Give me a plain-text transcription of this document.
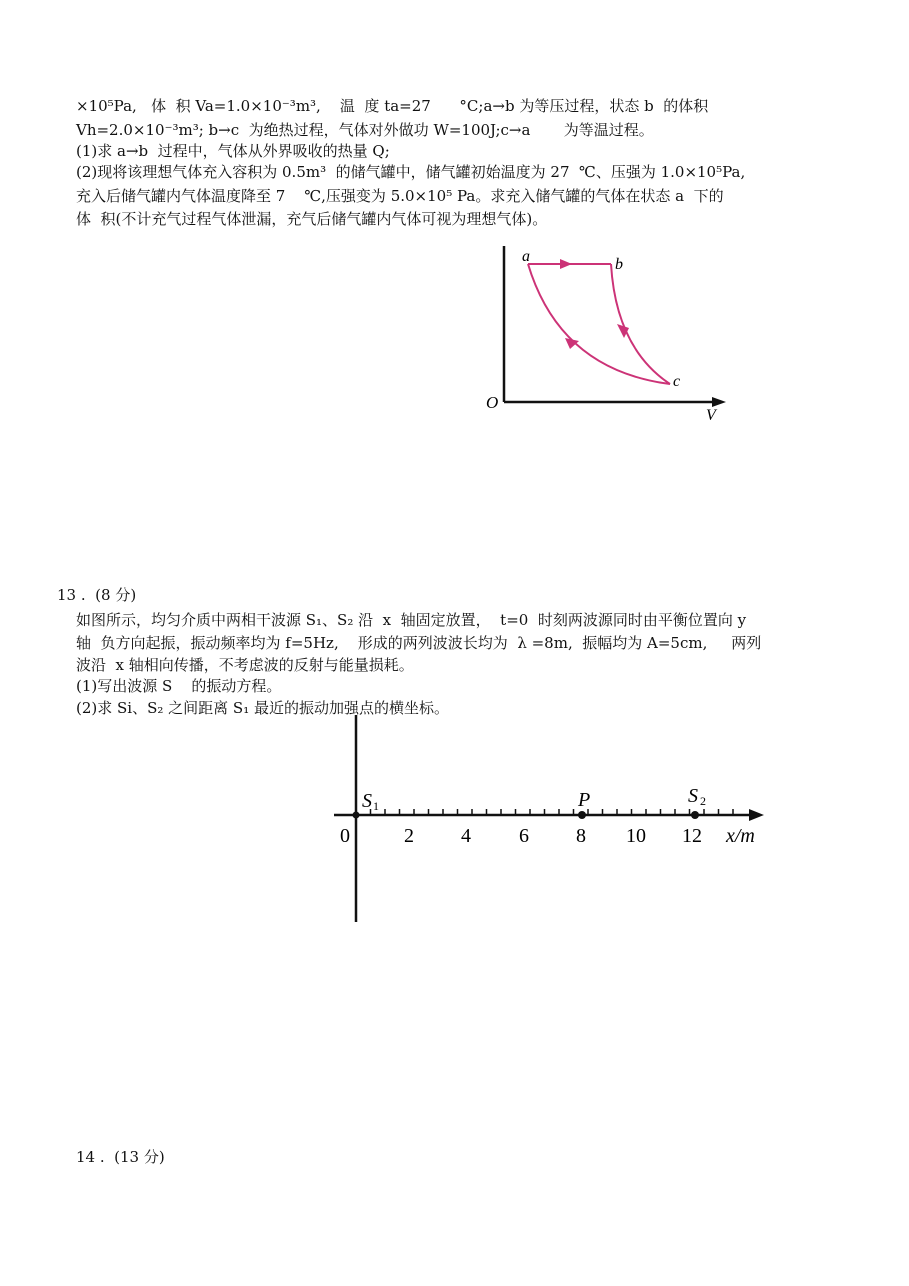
×10⁵Pa,   体  积 Va=1.0×10⁻³m³,    温  度 ta=27      °C;a→b 为等压过程，状态 b  的体积
Vh=2.0×10⁻³m³; b→c  为绝热过程，气体对外做功 W=100J;c→a       为等温过程。
(1)求 a→b  过程中，气体从外界吸收的热量 Q;
(2)现将该理想气体充入容积为 0.5m³  的储气罐中，储气罐初始温度为 27  ℃、压强为 1.0×10⁵Pa,
充入后储气罐内气体温度降至 7    ℃,压强变为 5.0×10⁵ Pa。求充入储气罐的气体在状态 a  下的
体  积(不计充气过程气体泄漏，充气后储气罐内气体可视为理想气体)。
a	b
c
O
V
13 .  (8 分)
如图所示，均匀介质中两相干波源 S₁、S₂ 沿  x  轴固定放置，  t=0  时刻两波源同时由平衡位置向 y
轴  负方向起振，振动频率均为 f=5Hz,    形成的两列波波长均为  λ =8m,  振幅均为 A=5cm,     两列
波沿  x 轴相向传播，不考虑波的反射与能量损耗。
(1)写出波源 S    的振动方程。
(2)求 Si、S₂ 之间距离 S₁ 最近的振动加强点的横坐标。
0	2 4 6 8 10 12 x/m
S 1	P	S 2
14 .  (13 分)
